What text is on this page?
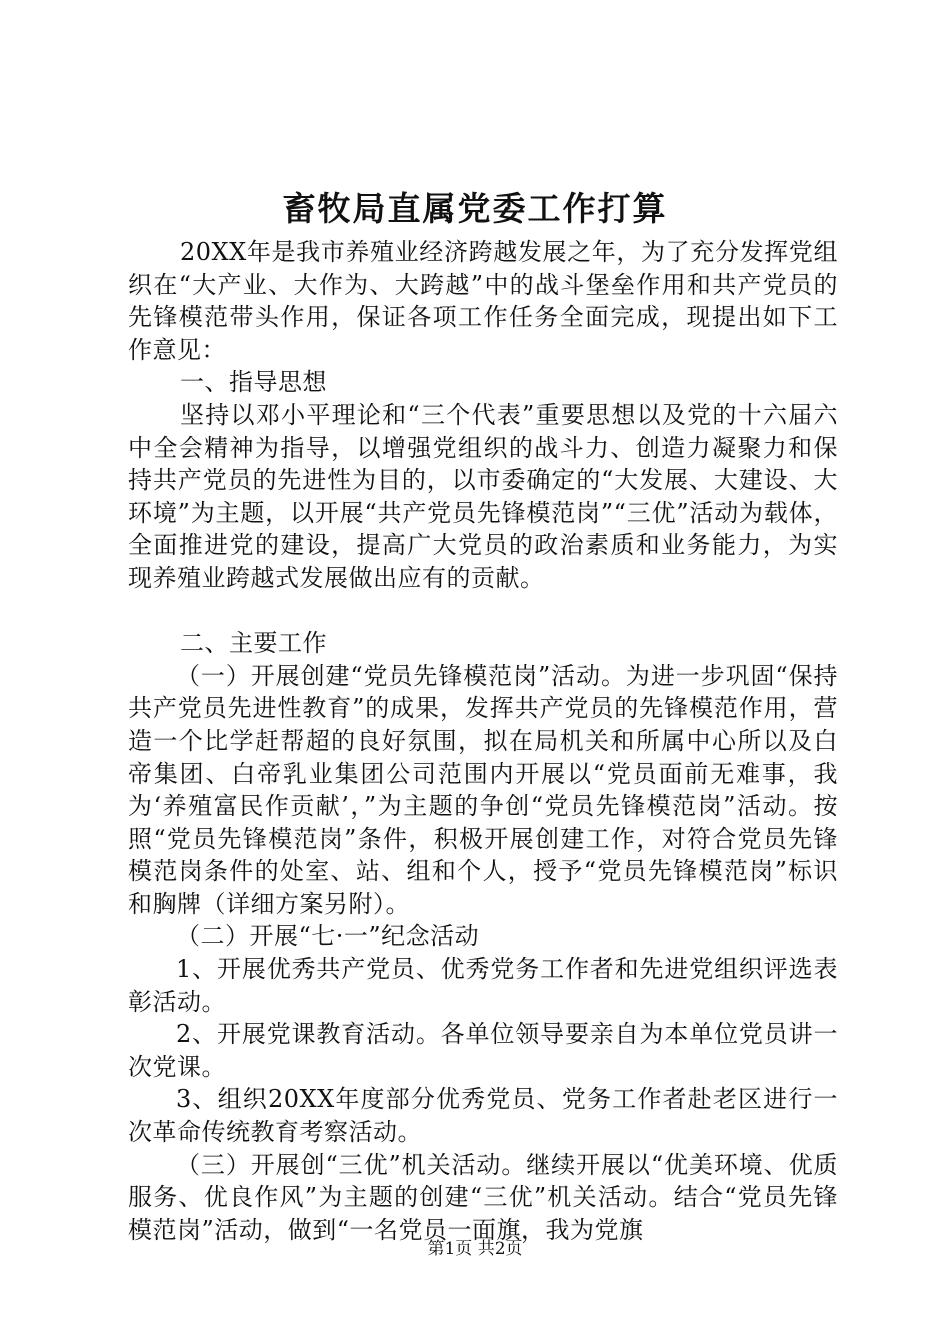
畜牧局直属党委工作打算

20XX年是我市养殖业经济跨越发展之年，为了充分发挥党组织在“大产业、大作为、大跨越”中的战斗堡垒作用和共产党员的先锋模范带头作用，保证各项工作任务全面完成，现提出如下工作意见：

一、指导思想

坚持以邓小平理论和“三个代表”重要思想以及党的十六届六中全会精神为指导，以增强党组织的战斗力、创造力凝聚力和保持共产党员的先进性为目的，以市委确定的“大发展、大建设、大环境”为主题，以开展“共产党员先锋模范岗”“三优”活动为载体，全面推进党的建设，提高广大党员的政治素质和业务能力，为实现养殖业跨越式发展做出应有的贡献。

二、主要工作

（一）开展创建“党员先锋模范岗”活动。为进一步巩固“保持共产党员先进性教育”的成果，发挥共产党员的先锋模范作用，营造一个比学赶帮超的良好氛围，拟在局机关和所属中心所以及白帝集团、白帝乳业集团公司范围内开展以“党员面前无难事，我为‘养殖富民作贡献’，”为主题的争创“党员先锋模范岗”活动。按照“党员先锋模范岗”条件，积极开展创建工作，对符合党员先锋模范岗条件的处室、站、组和个人，授予“党员先锋模范岗”标识和胸牌（详细方案另附）。

（二）开展“七·一”纪念活动

1、开展优秀共产党员、优秀党务工作者和先进党组织评选表彰活动。

2、开展党课教育活动。各单位领导要亲自为本单位党员讲一次党课。

3、组织20XX年度部分优秀党员、党务工作者赴老区进行一次革命传统教育考察活动。

（三）开展创“三优”机关活动。继续开展以“优美环境、优质服务、优良作风”为主题的创建“三优”机关活动。结合“党员先锋模范岗”活动，做到“一名党员一面旗，我为党旗

第1页 共2页
